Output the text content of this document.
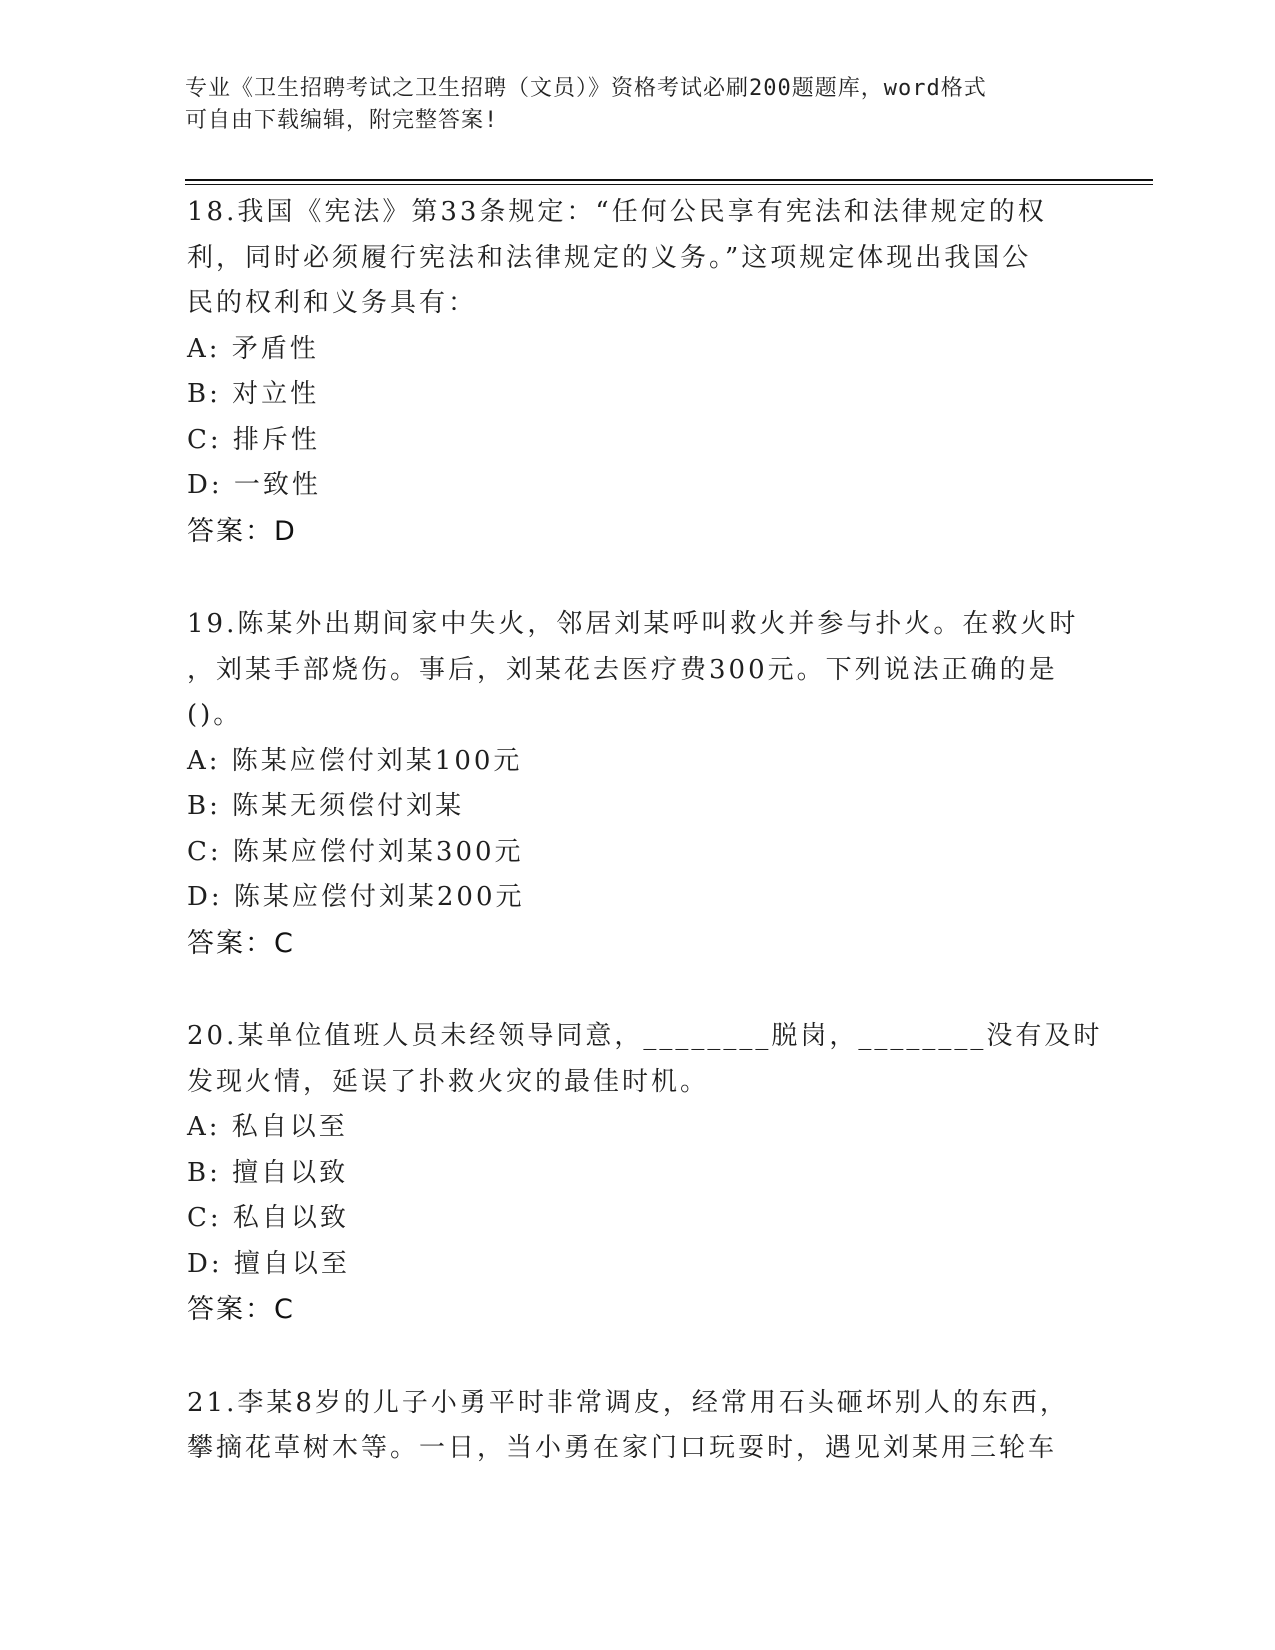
专业《卫生招聘考试之卫生招聘（文员）》资格考试必刷200题题库，word格式
可自由下载编辑，附完整答案!
18.我国《宪法》第33条规定：“任何公民享有宪法和法律规定的权
利，同时必须履行宪法和法律规定的义务。”这项规定体现出我国公
民的权利和义务具有：
A: 矛盾性
B: 对立性
C: 排斥性
D: 一致性
答案：D
19.陈某外出期间家中失火，邻居刘某呼叫救火并参与扑火。在救火时
，刘某手部烧伤。事后，刘某花去医疗费300元。下列说法正确的是
()。
A: 陈某应偿付刘某100元
B: 陈某无须偿付刘某
C: 陈某应偿付刘某300元
D: 陈某应偿付刘某200元
答案：C
20.某单位值班人员未经领导同意，________脱岗，________没有及时
发现火情，延误了扑救火灾的最佳时机。
A: 私自以至
B: 擅自以致
C: 私自以致
D: 擅自以至
答案：C
21.李某8岁的儿子小勇平时非常调皮，经常用石头砸坏别人的东西，
攀摘花草树木等。一日，当小勇在家门口玩耍时，遇见刘某用三轮车
